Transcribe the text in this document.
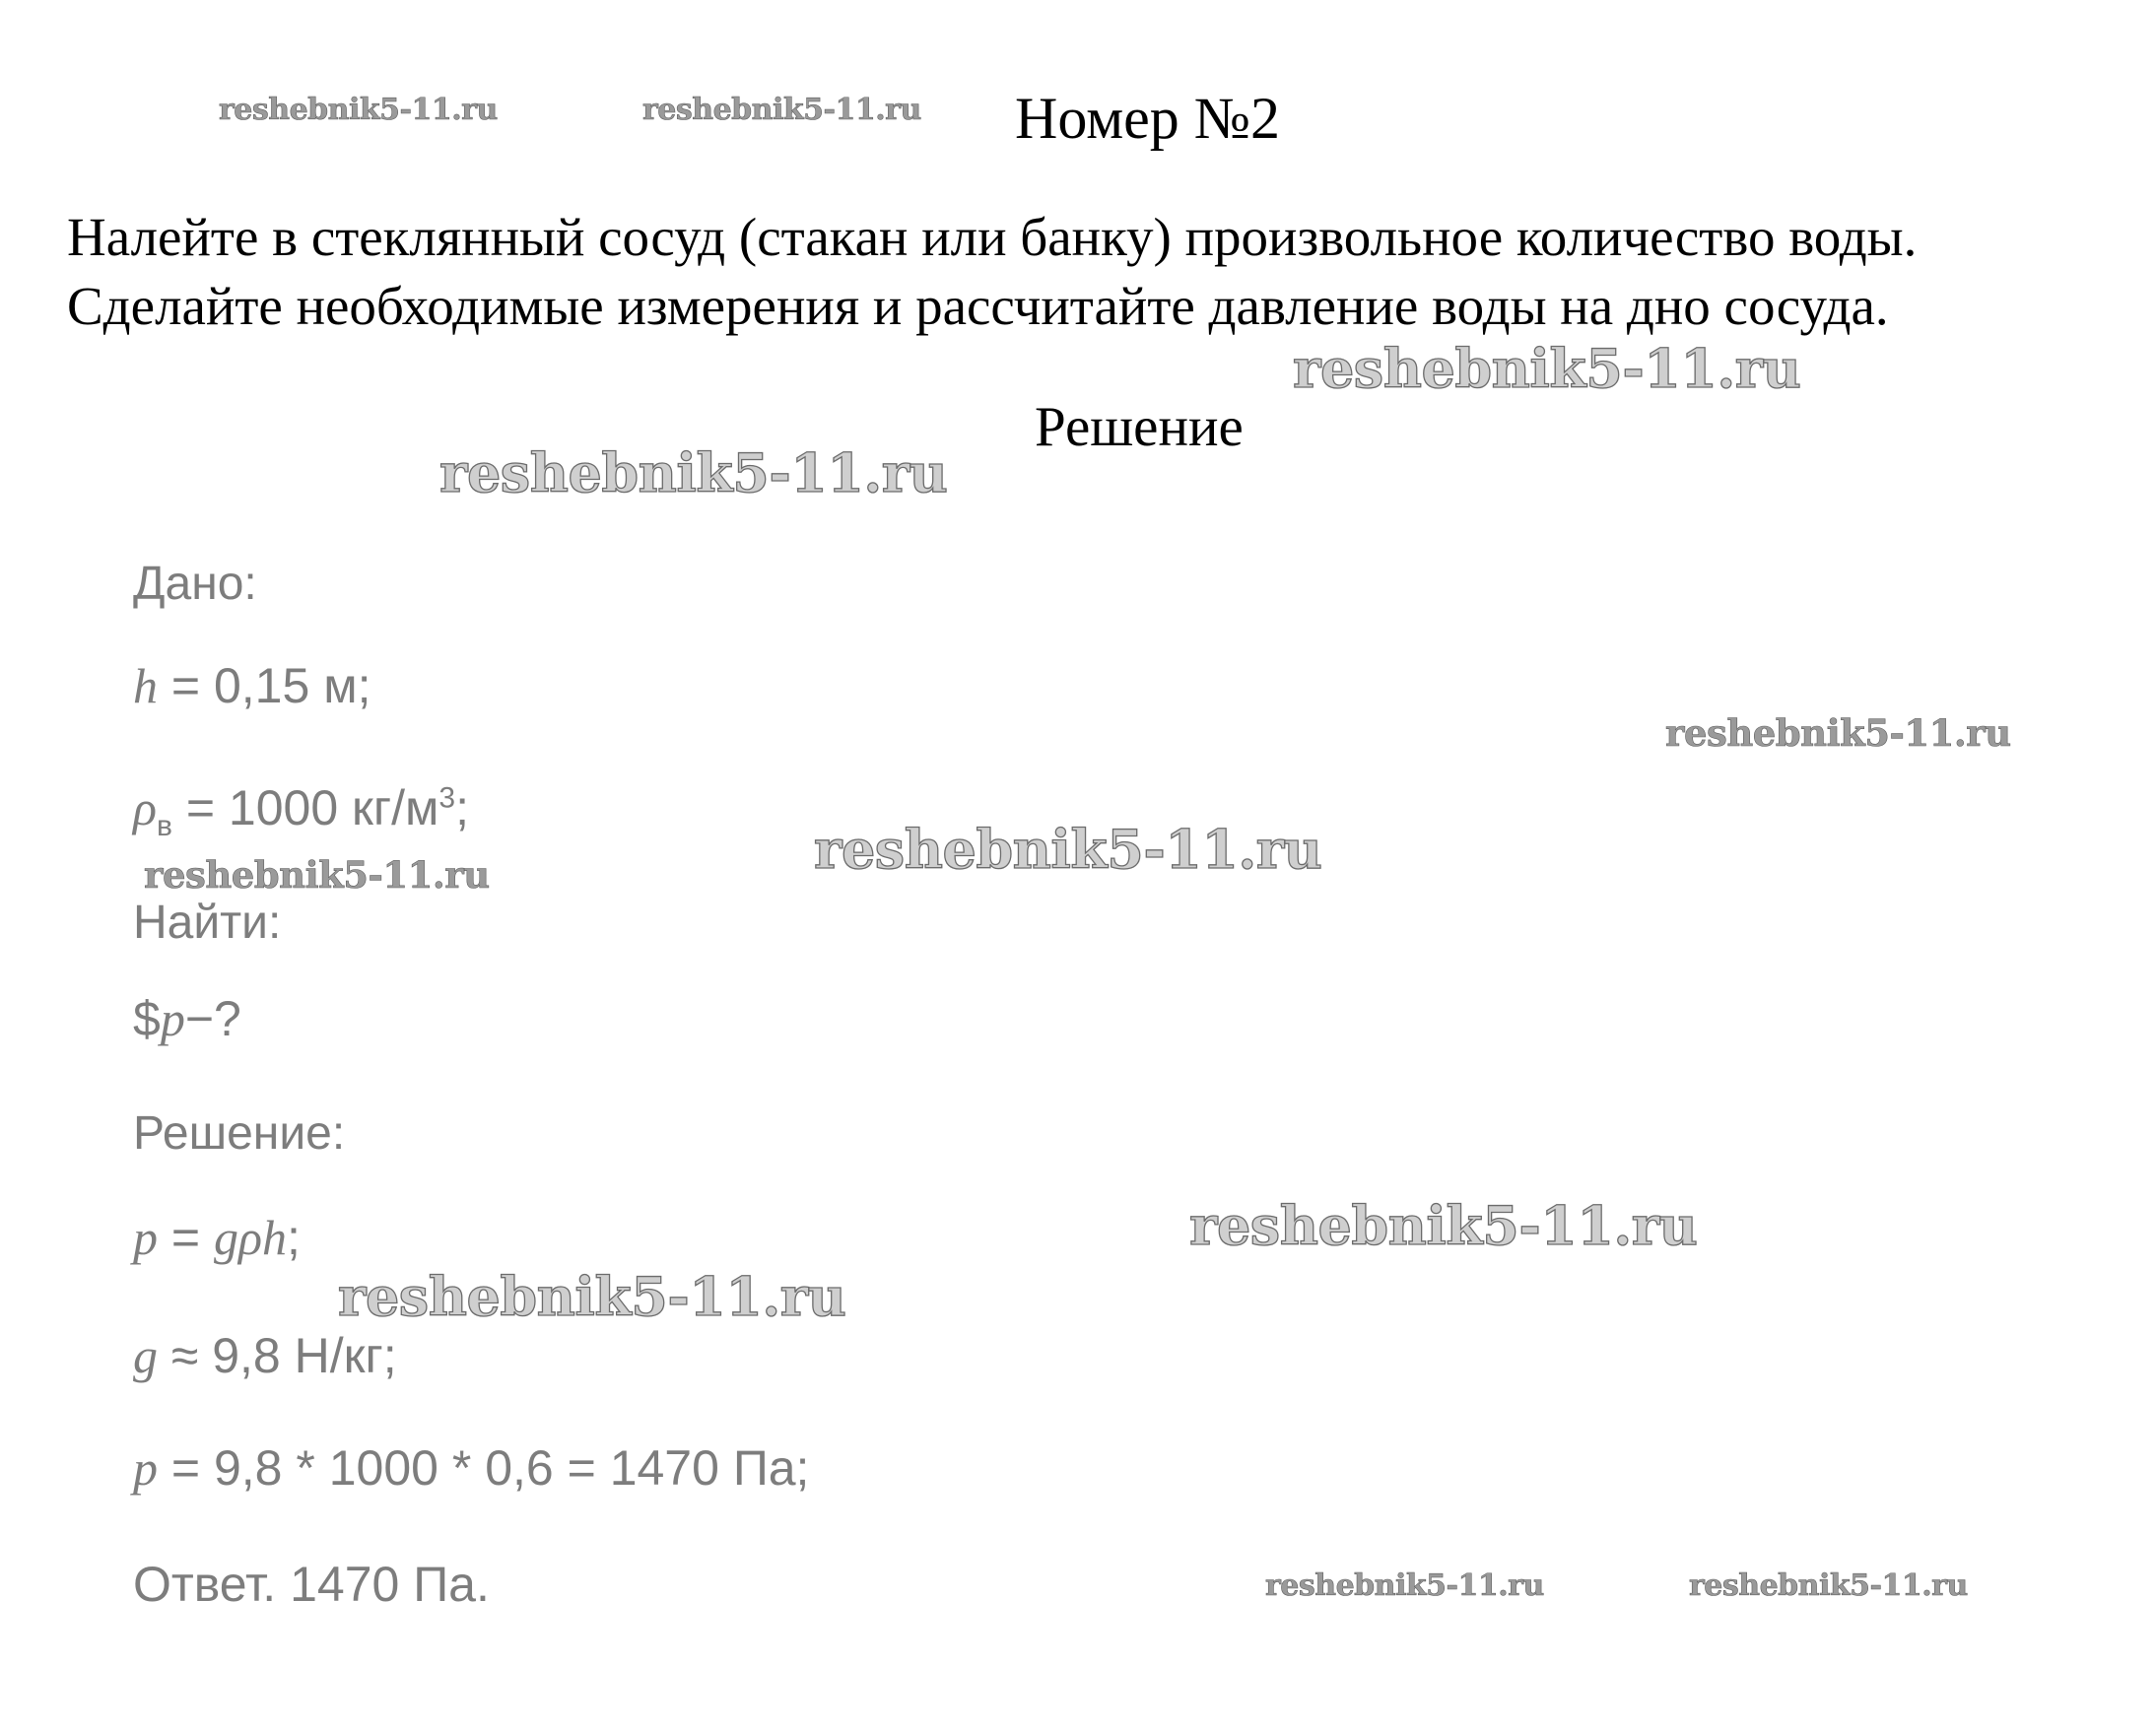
Номер №2
Налейте в стеклянный сосуд (стакан или банку) произвольное количество воды.
Сделайте необходимые измерения и рассчитайте давление воды на дно сосуда.
Решение
Дано:
h = 0,15 м;
$\rho_в = 1000$ $кг/м^3$;
Найти:
$p−?
Решение:
p = gρh;
g ≈ 9,8 Н/кг;
p = 9,8 * 1000 * 0,6 = 1470 Па;
Ответ. 1470 Па.
reshebnik5-11.ru	reshebnik5-11.ru
reshebnik5-11.ru
reshebnik5-11.ru
reshebnik5-11.ru
reshebnik5-11.ru
reshebnik5-11.ru
reshebnik5-11.ru
reshebnik5-11.ru
reshebnik5-11.ru	reshebnik5-11.ru
